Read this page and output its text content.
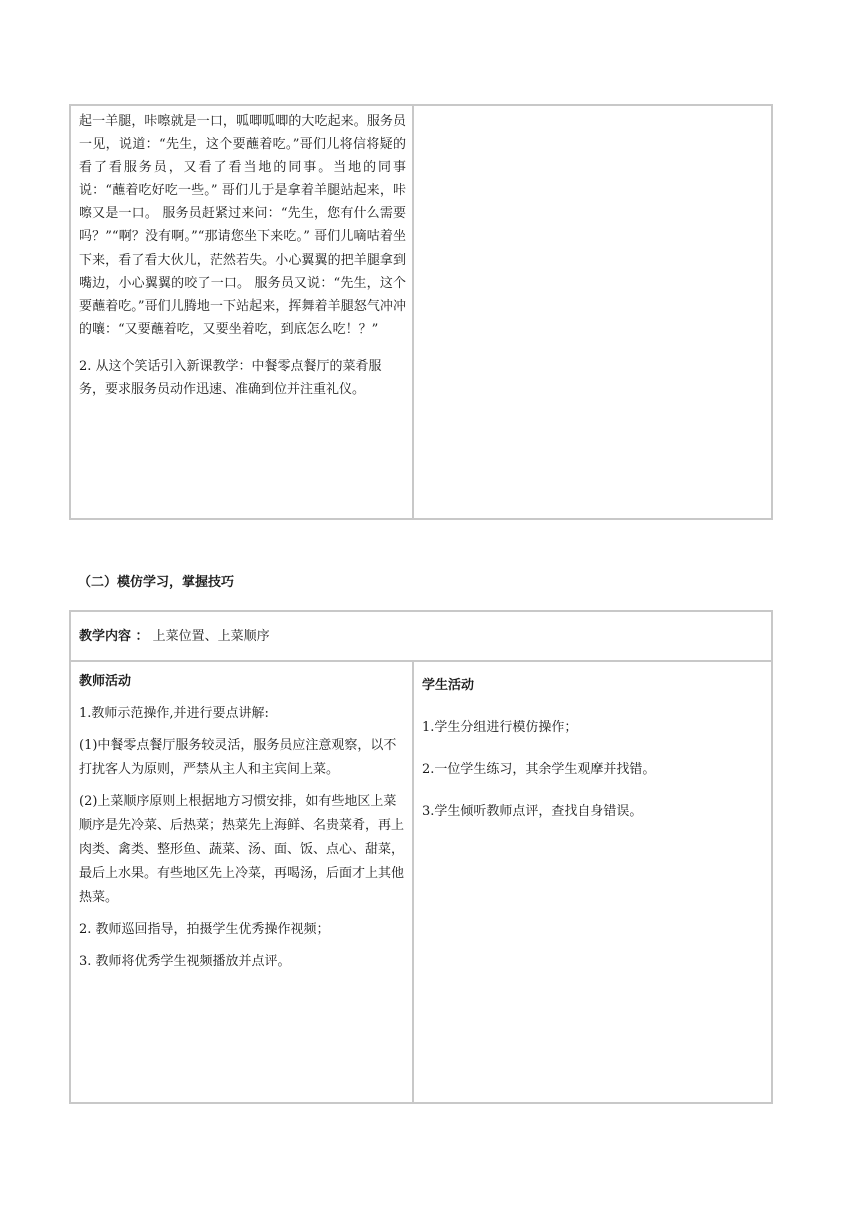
起一羊腿，咔嚓就是一口，呱唧呱唧的大吃起来。服务员一见，说道：“先生，这个要蘸着吃。”哥们儿将信将疑的看了看服务员，又看了看当地的同事。当地的同事说：“蘸着吃好吃一些。” 哥们儿于是拿着羊腿站起来，咔嚓又是一口。 服务员赶紧过来问：“先生，您有什么需要吗？”“啊？没有啊。”“那请您坐下来吃。” 哥们儿嘀咕着坐下来，看了看大伙儿，茫然若失。小心翼翼的把羊腿拿到嘴边，小心翼翼的咬了一口。 服务员又说：“先生，这个要蘸着吃。”哥们儿腾地一下站起来，挥舞着羊腿怒气冲冲的嚷：“又要蘸着吃，又要坐着吃，到底怎么吃！？”

2. 从这个笑话引入新课教学：中餐零点餐厅的菜肴服务，要求服务员动作迅速、准确到位并注重礼仪。

（二）模仿学习，掌握技巧

教学内容 ： 上菜位置、上菜顺序

教师活动

1.教师示范操作,并进行要点讲解:

(1)中餐零点餐厅服务较灵活，服务员应注意观察，以不打扰客人为原则，严禁从主人和主宾间上菜。

(2)上菜顺序原则上根据地方习惯安排，如有些地区上菜顺序是先冷菜、后热菜；热菜先上海鲜、名贵菜肴，再上肉类、禽类、整形鱼、蔬菜、汤、面、饭、点心、甜菜，最后上水果。有些地区先上冷菜，再喝汤，后面才上其他热菜。

2. 教师巡回指导，拍摄学生优秀操作视频；

3. 教师将优秀学生视频播放并点评。

学生活动

1.学生分组进行模仿操作；

2.一位学生练习，其余学生观摩并找错。

3.学生倾听教师点评，查找自身错误。
